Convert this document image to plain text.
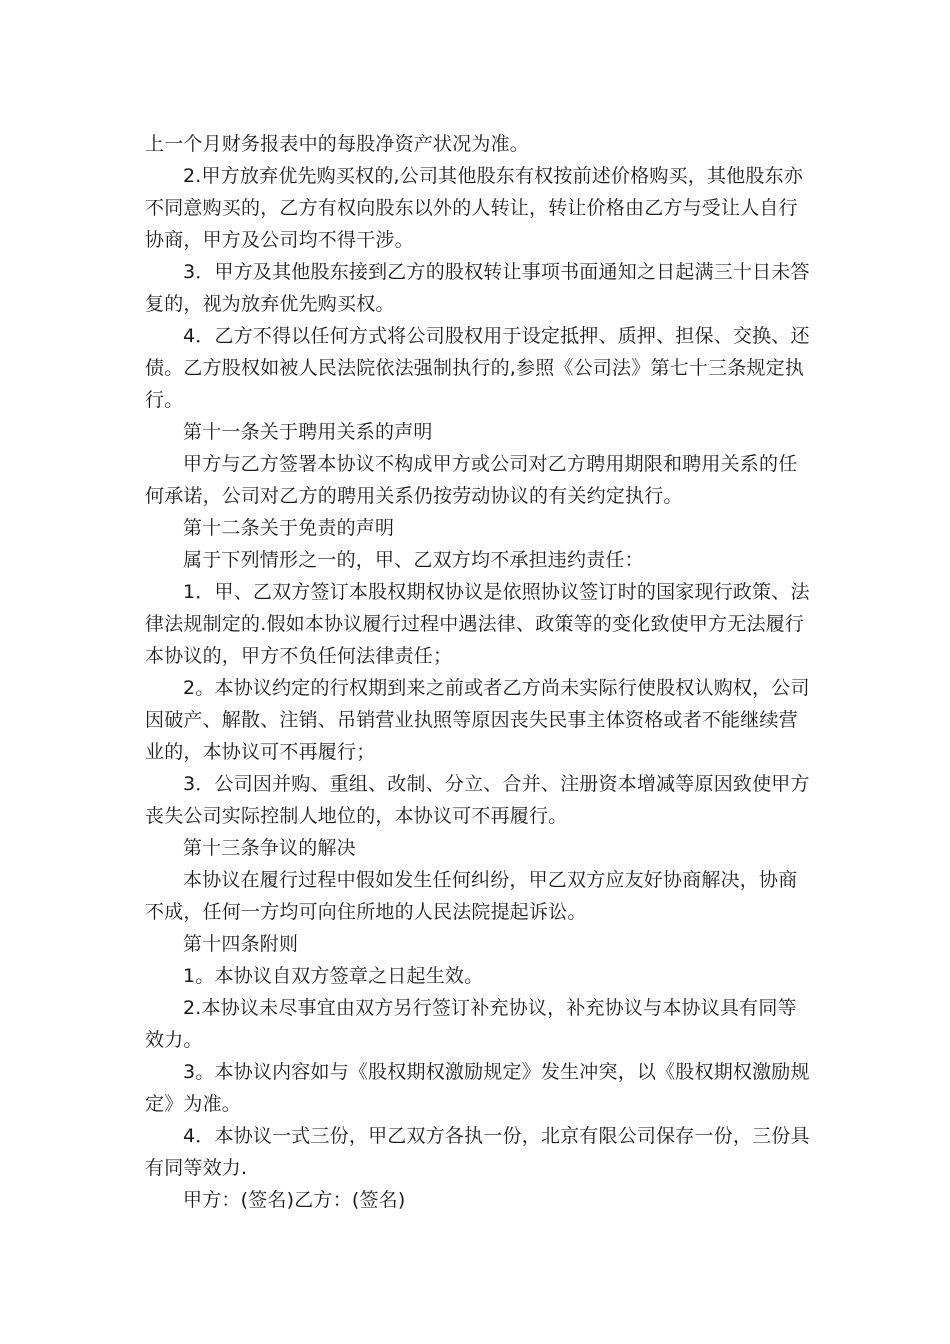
上一个月财务报表中的每股净资产状况为准。

2.甲方放弃优先购买权的,公司其他股东有权按前述价格购买，其他股东亦

不同意购买的，乙方有权向股东以外的人转让，转让价格由乙方与受让人自行

协商，甲方及公司均不得干涉。

3．甲方及其他股东接到乙方的股权转让事项书面通知之日起满三十日未答

复的，视为放弃优先购买权。

4．乙方不得以任何方式将公司股权用于设定抵押、质押、担保、交换、还

债。乙方股权如被人民法院依法强制执行的,参照《公司法》第七十三条规定执

行。

第十一条关于聘用关系的声明

甲方与乙方签署本协议不构成甲方或公司对乙方聘用期限和聘用关系的任

何承诺，公司对乙方的聘用关系仍按劳动协议的有关约定执行。

第十二条关于免责的声明

属于下列情形之一的，甲、乙双方均不承担违约责任：

1．甲、乙双方签订本股权期权协议是依照协议签订时的国家现行政策、法

律法规制定的.假如本协议履行过程中遇法律、政策等的变化致使甲方无法履行

本协议的，甲方不负任何法律责任；

2。本协议约定的行权期到来之前或者乙方尚未实际行使股权认购权，公司

因破产、解散、注销、吊销营业执照等原因丧失民事主体资格或者不能继续营

业的，本协议可不再履行；

3．公司因并购、重组、改制、分立、合并、注册资本增减等原因致使甲方

丧失公司实际控制人地位的，本协议可不再履行。

第十三条争议的解决

本协议在履行过程中假如发生任何纠纷，甲乙双方应友好协商解决，协商

不成，任何一方均可向住所地的人民法院提起诉讼。

第十四条附则

1。本协议自双方签章之日起生效。

2.本协议未尽事宜由双方另行签订补充协议，补充协议与本协议具有同等

效力。

3。本协议内容如与《股权期权激励规定》发生冲突，以《股权期权激励规

定》为准。

4．本协议一式三份，甲乙双方各执一份，北京有限公司保存一份，三份具

有同等效力.

甲方：(签名)乙方：(签名)
